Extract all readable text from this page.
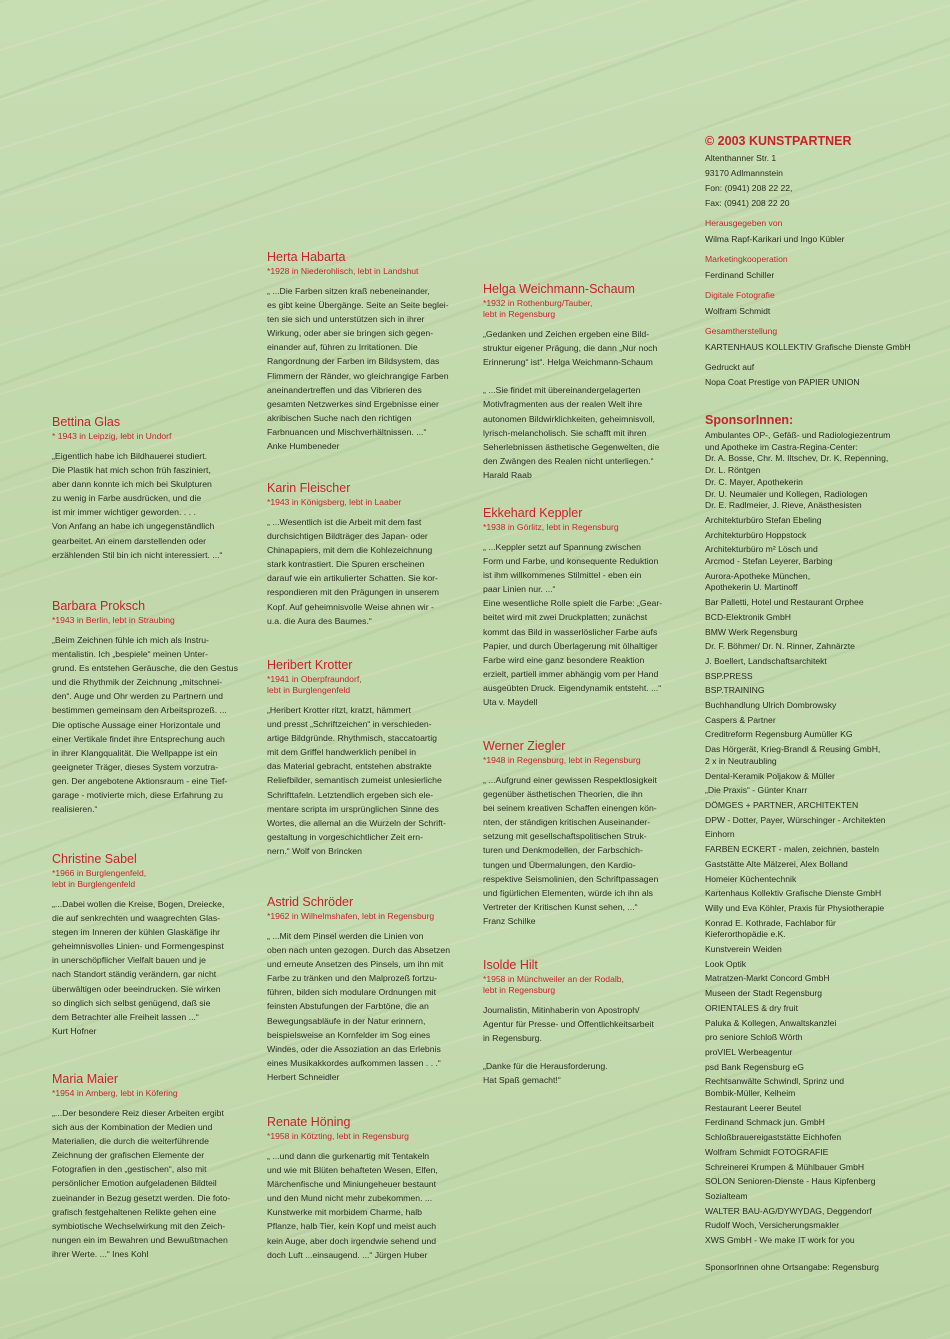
Bettina Glas

* 1943 in Leipzig, lebt in Undorf

„Eigentlich habe ich Bildhauerei studiert.
Die Plastik hat mich schon früh fasziniert,
aber dann konnte ich mich bei Skulpturen
zu wenig in Farbe ausdrücken, und die
ist mir immer wichtiger geworden. . . .
Von Anfang an habe ich ungegenständlich
gearbeitet. An einem darstellenden oder
erzählenden Stil bin ich nicht interessiert. ...“

Barbara Proksch

*1943 in Berlin, lebt in Straubing

„Beim Zeichnen fühle ich mich als Instru-
mentalistin. Ich „bespiele“ meinen Unter-
grund. Es entstehen Geräusche, die den Gestus
und die Rhythmik der Zeichnung „mitschnei-
den“. Auge und Ohr werden zu Partnern und
bestimmen gemeinsam den Arbeitsprozeß. ...
Die optische Aussage einer Horizontale und
einer Vertikale findet ihre Entsprechung auch
in ihrer Klangqualität. Die Wellpappe ist ein
geeigneter Träger, dieses System vorzutra-
gen. Der angebotene Aktionsraum - eine Tief-
garage - motivierte mich, diese Erfahrung zu
realisieren.“

Christine Sabel

*1966 in Burglengenfeld,
lebt in Burglengenfeld

„...Dabei wollen die Kreise, Bogen, Dreiecke,
die auf senkrechten und waagrechten Glas-
stegen im Inneren der kühlen Glaskäfige ihr
geheimnisvolles Linien- und Formengespinst
in unerschöpflicher Vielfalt bauen und je
nach Standort ständig verändern, gar nicht
überwältigen oder beeindrucken. Sie wirken
so dinglich sich selbst genügend, daß sie
dem Betrachter alle Freiheit lassen ...“
Kurt Hofner

Maria Maier

*1954 in Amberg, lebt in Köfering

„...Der besondere Reiz dieser Arbeiten ergibt
sich aus der Kombination der Medien und
Materialien, die durch die weiterführende
Zeichnung der grafischen Elemente der
Fotografien in den „gestischen“, also mit
persönlicher Emotion aufgeladenen Bildteil
zueinander in Bezug gesetzt werden. Die foto-
grafisch festgehaltenen Relikte gehen eine
symbiotische Wechselwirkung mit den Zeich-
nungen ein im Bewahren und Bewußtmachen
ihrer Werte. ...“ Ines Kohl

Herta Habarta

*1928 in Niederohlisch, lebt in Landshut

„ ...Die Farben sitzen kraß nebeneinander,
es gibt keine Übergänge. Seite an Seite beglei-
ten sie sich und unterstützen sich in ihrer
Wirkung, oder aber sie bringen sich gegen-
einander auf, führen zu Irritationen. Die
Rangordnung der Farben im Bildsystem, das
Flimmern der Ränder, wo gleichrangige Farben
aneinandertreffen und das Vibrieren des
gesamten Netzwerkes sind Ergebnisse einer
akribischen Suche nach den richtigen
Farbnuancen und Mischverhältnissen. ...“
Anke Humbeneder

Karin Fleischer

*1943 in Königsberg, lebt in Laaber

„ ...Wesentlich ist die Arbeit mit dem fast
durchsichtigen Bildträger des Japan- oder
Chinapapiers, mit dem die Kohlezeichnung
stark kontrastiert. Die Spuren erscheinen
darauf wie ein artikulierter Schatten. Sie kor-
respondieren mit den Prägungen in unserem
Kopf. Auf geheimnisvolle Weise ahnen wir -
u.a. die Aura des Baumes.“

Heribert Krotter

*1941 in Oberpfraundorf,
lebt in Burglengenfeld

„Heribert Krotter ritzt, kratzt, hämmert
und presst „Schriftzeichen“ in verschieden-
artige Bildgründe. Rhythmisch, staccatoartig
mit dem Griffel handwerklich penibel in
das Material gebracht, entstehen abstrakte
Reliefbilder, semantisch zumeist unlesierliche
Schrifttafeln. Letztendlich ergeben sich ele-
mentare scripta im ursprünglichen Sinne des
Wortes, die allemal an die Wurzeln der Schrift-
gestaltung in vorgeschichtlicher Zeit ern-
nern.“ Wolf von Brincken

Astrid Schröder

*1962 in Wilhelmshafen, lebt in Regensburg

„ ...Mit dem Pinsel werden die Linien von
oben nach unten gezogen. Durch das Absetzen
und erneute Ansetzen des Pinsels, um ihn mit
Farbe zu tränken und den Malprozeß fortzu-
führen, bilden sich modulare Ordnungen mit
feinsten Abstufungen der Farbtöne, die an
Bewegungsabläufe in der Natur erinnern,
beispielsweise an Kornfelder im Sog eines
Windes, oder die Assoziation an das Erlebnis
eines Musikakkordes aufkommen lassen . . .“
Herbert Schneidler

Renate Höning

*1958 in Kötzting, lebt in Regensburg

„ ...und dann die gurkenartig mit Tentakeln
und wie mit Blüten behafteten Wesen, Elfen,
Märchenfische und Miniungeheuer bestaunt
und den Mund nicht mehr zubekommen. ...
Kunstwerke mit morbidem Charme, halb
Pflanze, halb Tier, kein Kopf und meist auch
kein Auge, aber doch irgendwie sehend und
doch Luft ...einsaugend. ...“ Jürgen Huber

Helga Weichmann-Schaum

*1932 in Rothenburg/Tauber,
lebt in Regensburg

„Gedanken und Zeichen ergeben eine Bild-
struktur eigener Prägung, die dann „Nur noch
Erinnerung“ ist“. Helga Weichmann-Schaum

„ ...Sie findet mit übereinandergelagerten
Motivfragmenten aus der realen Welt ihre
autonomen Bildwirklichkeiten, geheimnisvoll,
lyrisch-melancholisch. Sie schafft mit ihren
Seherlebnissen ästhetische Gegenwelten, die
den Zwängen des Realen nicht unterliegen.“
Harald Raab

Ekkehard Keppler

*1938 in Görlitz, lebt in Regensburg

„ ...Keppler setzt auf Spannung zwischen
Form und Farbe, und konsequente Reduktion
ist ihm willkommenes Stilmittel - eben ein
paar Linien nur. ...“
Eine wesentliche Rolle spielt die Farbe: „Gear-
beitet wird mit zwei Druckplatten; zunächst
kommt das Bild in wasserlöslicher Farbe aufs
Papier, und durch Überlagerung mit ölhaltiger
Farbe wird eine ganz besondere Reaktion
erzielt, partiell immer abhängig vom per Hand
ausgeübten Druck. Eigendynamik entsteht. ...“
Uta v. Maydell

Werner Ziegler

*1948 in Regensburg, lebt in Regensburg

„ ...Aufgrund einer gewissen Respektlosigkeit
gegenüber ästhetischen Theorien, die ihn
bei seinem kreativen Schaffen einengen kön-
nten, der ständigen kritischen Auseinander-
setzung mit gesellschaftspolitischen Struk-
turen und Denkmodellen, der Farbschich-
tungen und Übermalungen, den Kardio-
respektive Seismolinien, den Schriftpassagen
und figürlichen Elementen, würde ich ihn als
Vertreter der Kritischen Kunst sehen, ...“
Franz Schilke

Isolde Hilt

*1958 in Münchweiler an der Rodalb,
lebt in Regensburg

Journalistin, Mitinhaberin von Apostroph/
Agentur für Presse- und Öffentlichkeitsarbeit
in Regensburg.

„Danke für die Herausforderung.
Hat Spaß gemacht!“

© 2003 KUNSTPARTNER

Altenthanner Str. 1
93170 Adlmannstein

Fon: (0941) 208 22 22,
Fax: (0941) 208 22 20

Herausgegeben von

Wilma Rapf-Karikari und Ingo Kübler

Marketingkooperation

Ferdinand Schiller

Digitale Fotografie

Wolfram Schmidt

Gesamtherstellung

KARTENHAUS KOLLEKTIV Grafische Dienste GmbH

Gedruckt auf

Nopa Coat Prestige von PAPIER UNION

SponsorInnen:

Ambulantes OP-, Gefäß- und Radiologiezentrum
und Apotheke im Castra-Regina-Center:
Dr. A. Bosse, Chr. M. Iltschev, Dr. K. Repenning,
Dr. L. Röntgen
Dr. C. Mayer, Apothekerin
Dr. U. Neumaier und Kollegen, Radiologen
Dr. E. Radlmeier, J. Rieve, Anästhesisten

Architekturbüro Stefan Ebeling

Architekturbüro Hoppstock

Architekturbüro m² Lösch und
Arcmod - Stefan Leyerer, Barbing

Aurora-Apotheke München,
Apothekerin U. Martinoff

Bar Palletti, Hotel und Restaurant Orphee

BCD-Elektronik GmbH

BMW Werk Regensburg

Dr. F. Böhmer/ Dr. N. Rinner, Zahnärzte

J. Boellert, Landschaftsarchitekt

BSP.PRESS

BSP.TRAINING

Buchhandlung Ulrich Dombrowsky

Caspers & Partner

Creditreform Regensburg Aumüller KG

Das Hörgerät, Krieg-Brandl & Reusing GmbH,
2 x in Neutraubling

Dental-Keramik Poljakow & Müller

„Die Praxis“ - Günter Knarr

DÖMGES + PARTNER, ARCHITEKTEN

DPW - Dotter, Payer, Würschinger - Architekten

Einhorn

FARBEN ECKERT - malen, zeichnen, basteln

Gaststätte Alte Mälzerei, Alex Bolland

Homeier Küchentechnik

Kartenhaus Kollektiv Grafische Dienste GmbH

Willy und Eva Köhler, Praxis für Physiotherapie

Konrad E. Kothrade, Fachlabor für
Kieferorthopädie e.K.

Kunstverein Weiden

Look Optik

Matratzen-Markt Concord GmbH

Museen der Stadt Regensburg

ORIENTALES & dry fruit

Paluka & Kollegen, Anwaltskanzlei

pro seniore Schloß Wörth

proVIEL Werbeagentur

psd Bank Regensburg eG

Rechtsanwälte Schwindl, Sprinz und
Bombik-Müller, Kelheim

Restaurant Leerer Beutel

Ferdinand Schmack jun. GmbH

Schloßbrauereigaststätte Eichhofen

Wolfram Schmidt FOTOGRAFIE

Schreinerei Krumpen & Mühlbauer GmbH

SOLON Senioren-Dienste - Haus Kipfenberg

Sozialteam

WALTER BAU-AG/DYWYDAG, Deggendorf

Rudolf Woch, Versicherungsmakler

XWS GmbH - We make IT work for you

SponsorInnen ohne Ortsangabe: Regensburg
